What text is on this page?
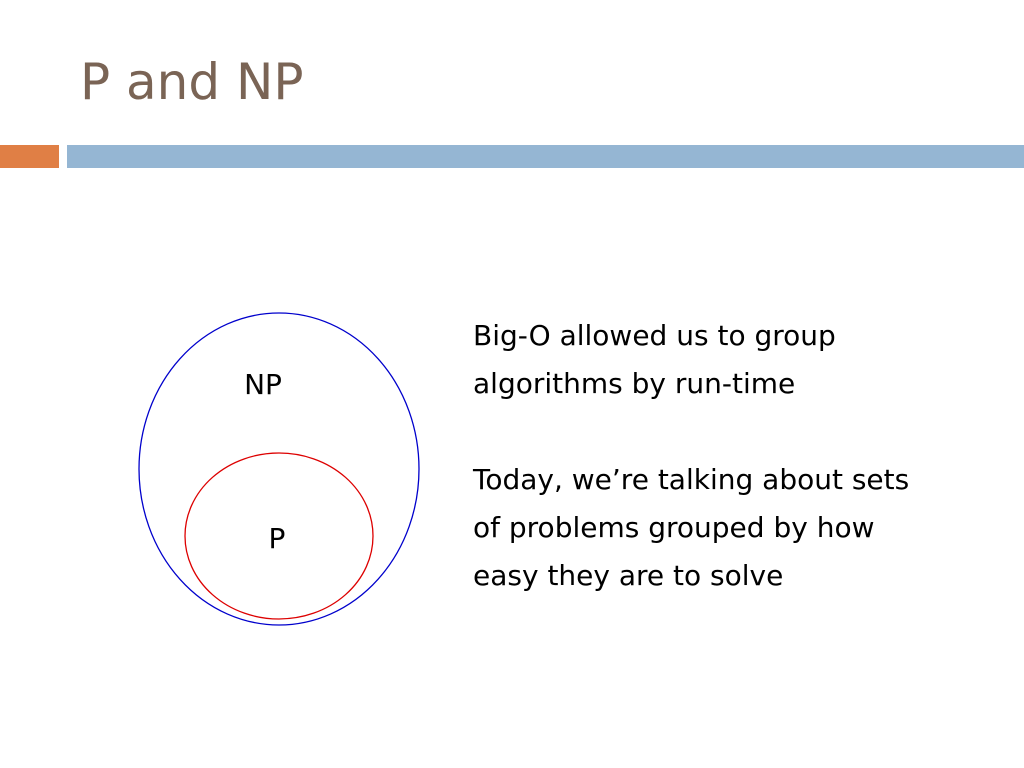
P and NP
NP
P

Big-O allowed us to group
algorithms by run-time

Today, we’re talking about sets
of problems grouped by how
easy they are to solve
